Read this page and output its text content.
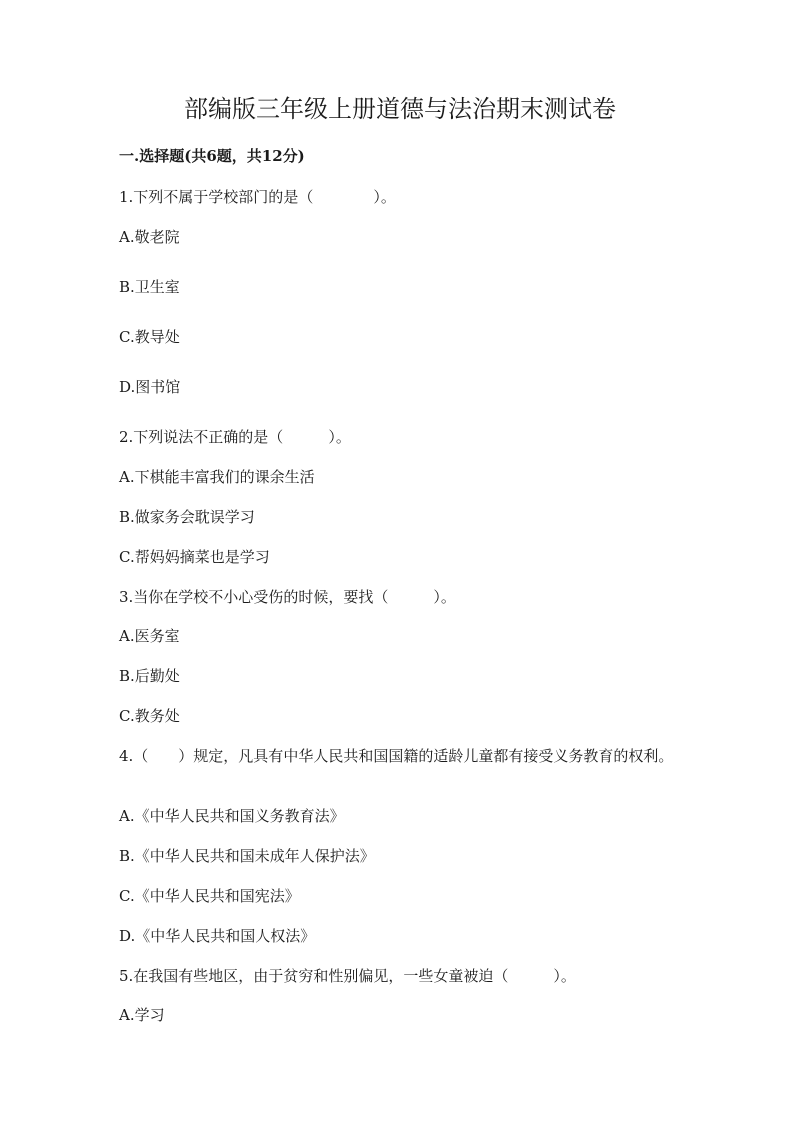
部编版三年级上册道德与法治期末测试卷

一.选择题(共6题，共12分)

1.下列不属于学校部门的是（　　　　）。

A.敬老院

B.卫生室

C.教导处

D.图书馆

2.下列说法不正确的是（　　　）。

A.下棋能丰富我们的课余生活

B.做家务会耽误学习

C.帮妈妈摘菜也是学习

3.当你在学校不小心受伤的时候，要找（　　　）。

A.医务室

B.后勤处

C.教务处

4.（　　）规定，凡具有中华人民共和国国籍的适龄儿童都有接受义务教育的权利。

A.《中华人民共和国义务教育法》

B.《中华人民共和国未成年人保护法》

C.《中华人民共和国宪法》

D.《中华人民共和国人权法》

5.在我国有些地区，由于贫穷和性别偏见，一些女童被迫（　　　）。

A.学习
